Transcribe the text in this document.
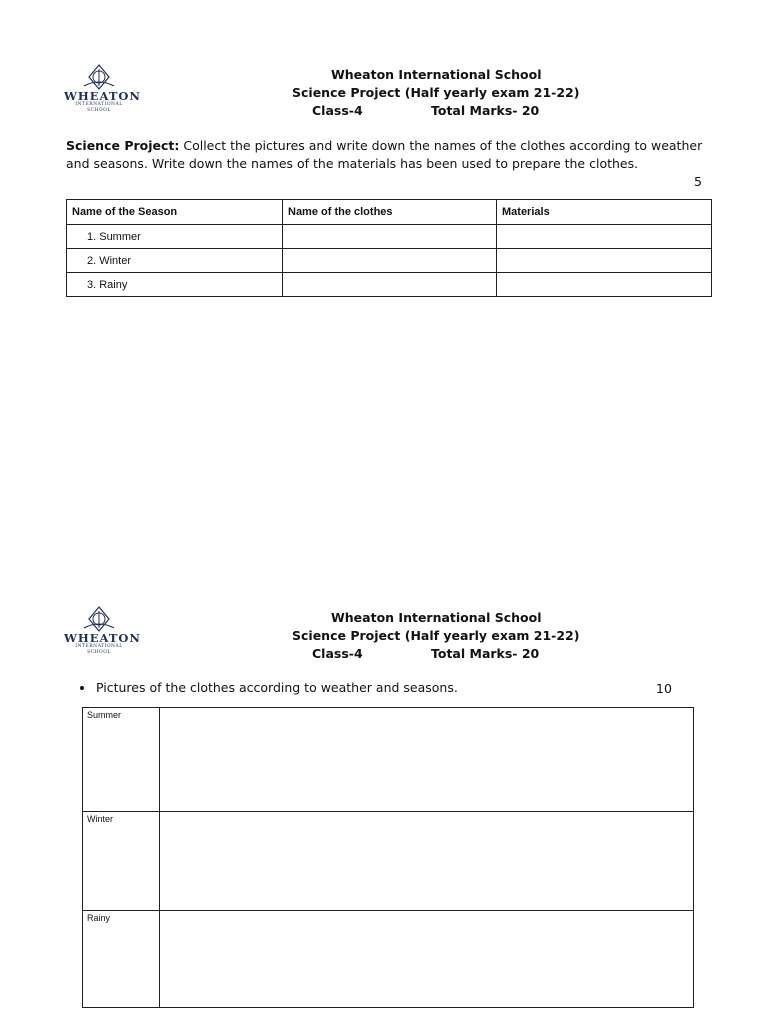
WHEATON
INTERNATIONAL SCHOOL
Wheaton International School
Science Project (Half yearly exam 21-22)
Class-4	Total Marks- 20
Science Project: Collect the pictures and write down the names of the clothes according to weather and seasons. Write down the names of the materials has been used to prepare the clothes.
5
Name of the Season	Name of the clothes	Materials
1. Summer		
2. Winter		
3. Rainy		
WHEATON
INTERNATIONAL SCHOOL
Wheaton International School
Science Project (Half yearly exam 21-22)
Class-4	Total Marks- 20
Pictures of the clothes according to weather and seasons.	10
Summer	
Winter	
Rainy	
